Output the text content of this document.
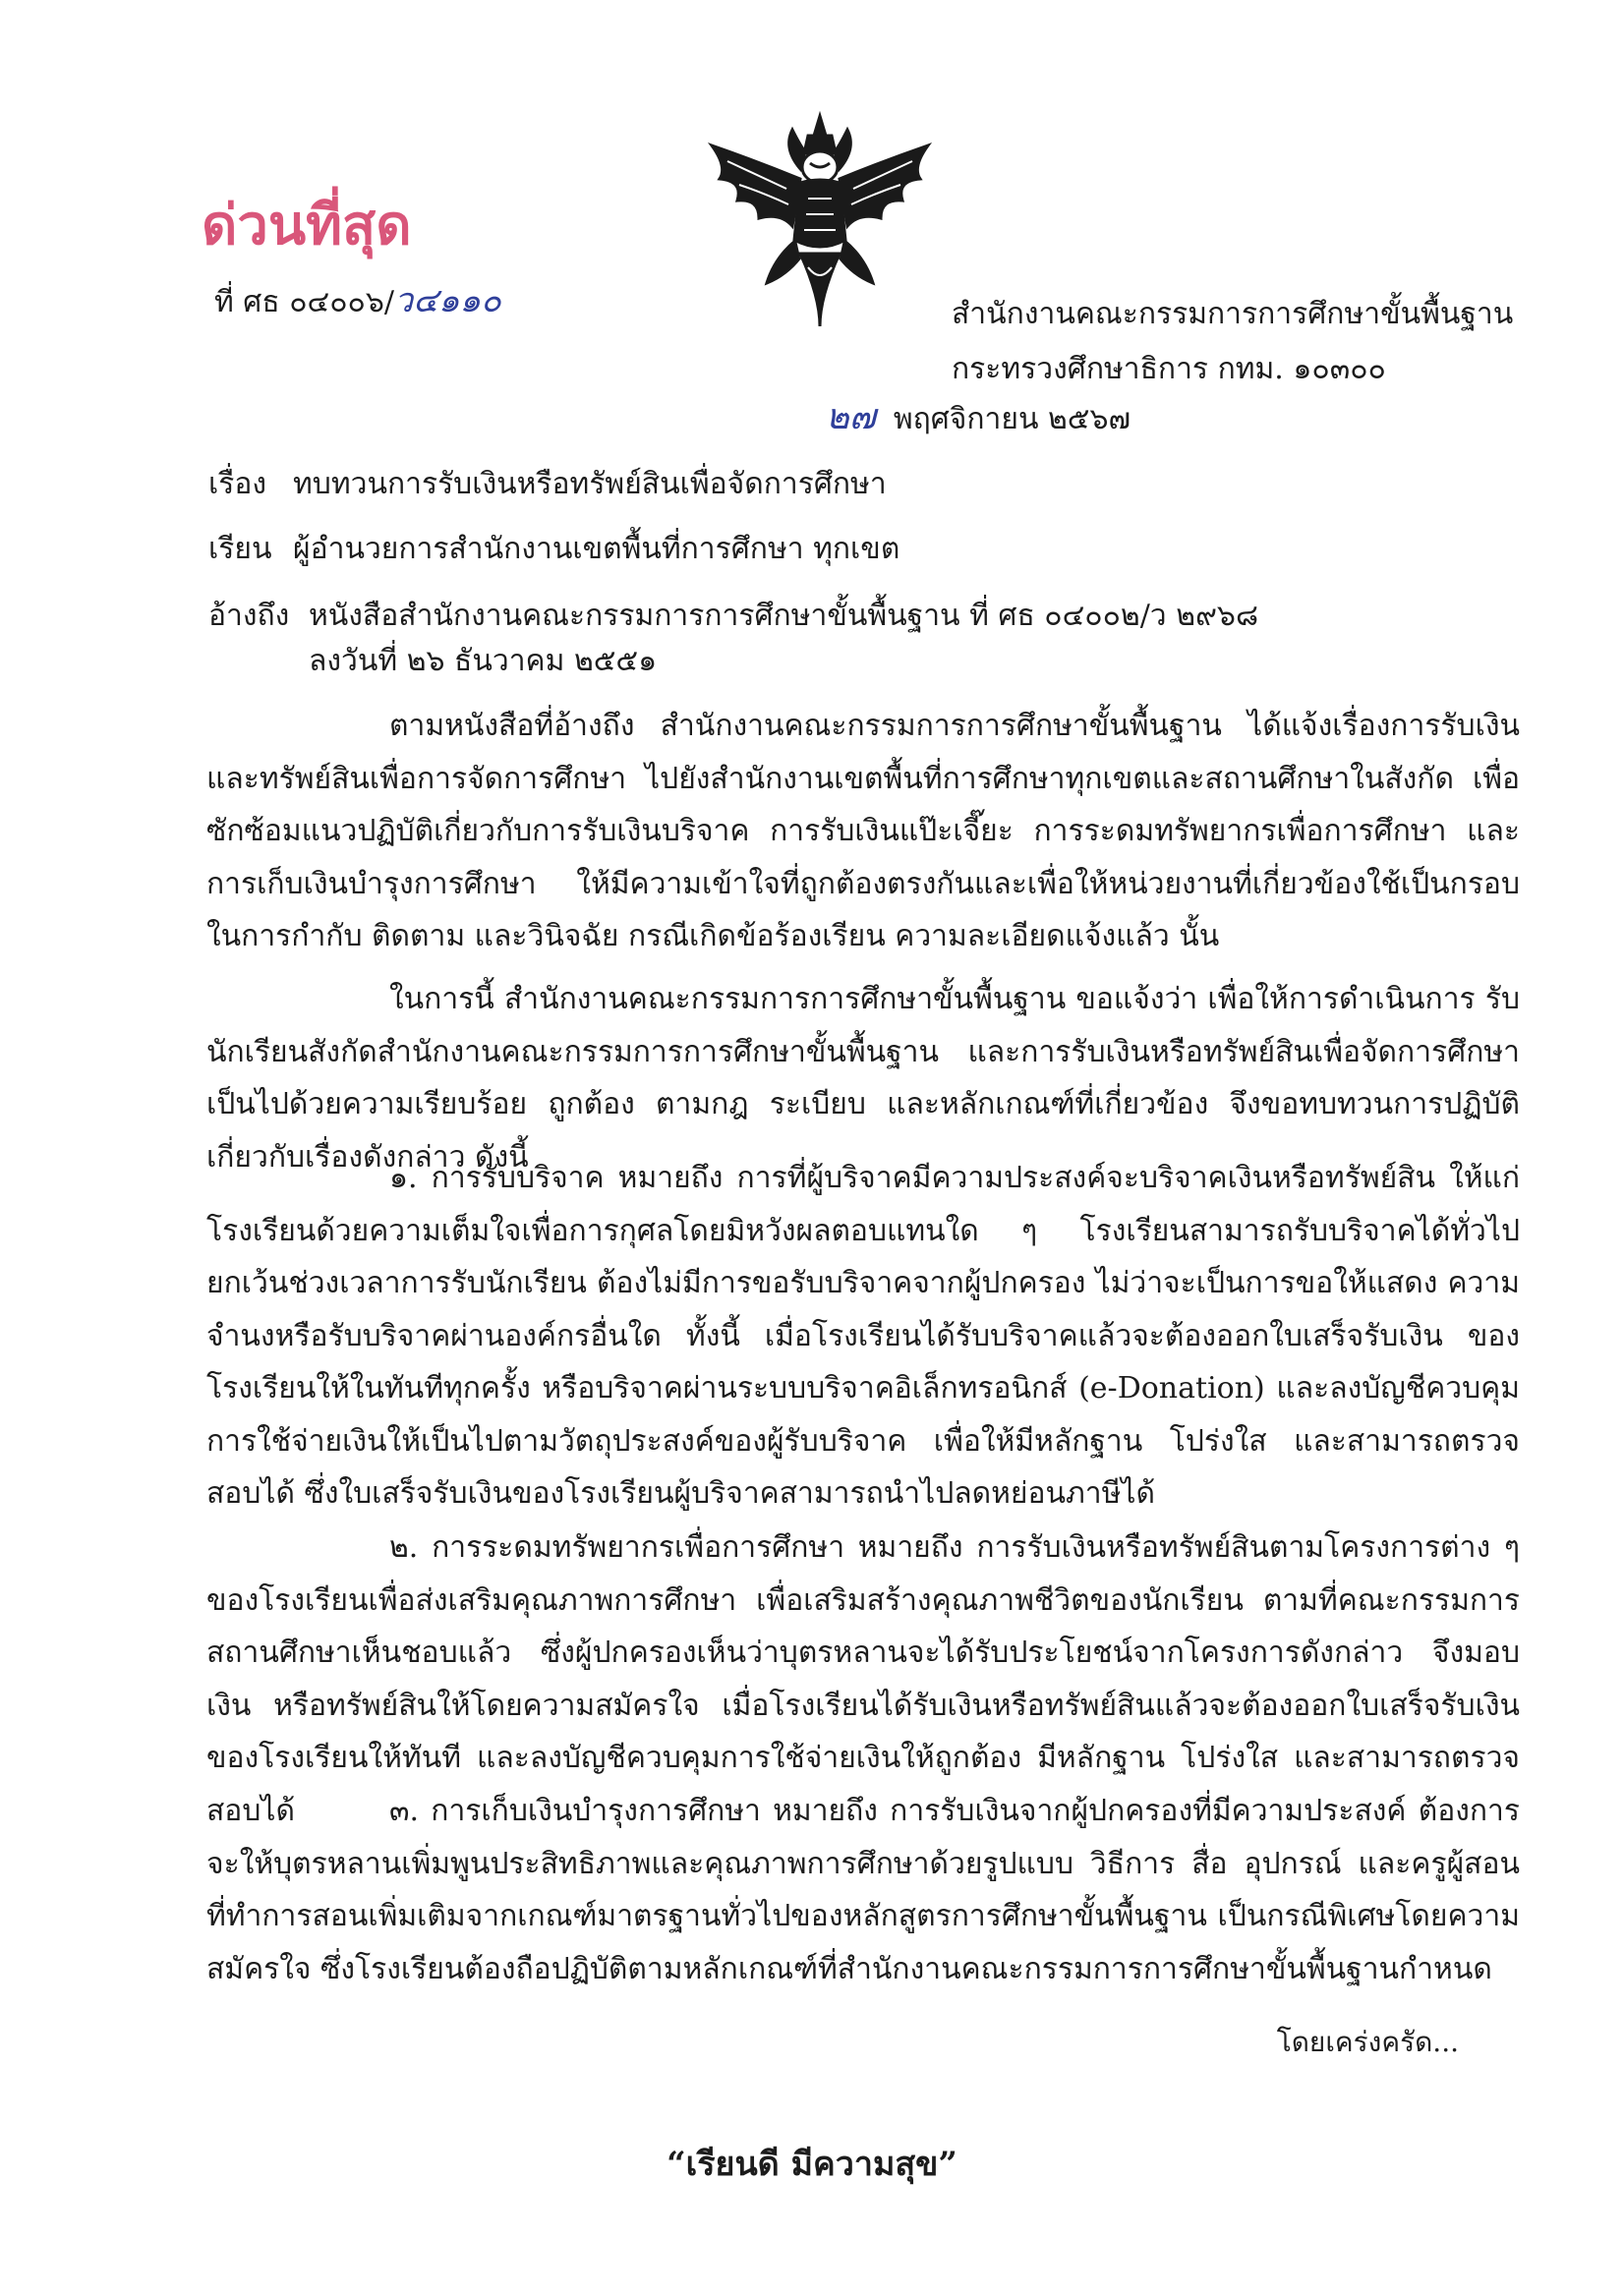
ด่วนที่สุด
ที่ ศธ ๐๔๐๐๖/ว๔๑๑๐	สำนักงานคณะกรรมการการศึกษาขั้นพื้นฐาน
กระทรวงศึกษาธิการ กทม. ๑๐๓๐๐
๒๗ พฤศจิกายน ๒๕๖๗
เรื่อง ทบทวนการรับเงินหรือทรัพย์สินเพื่อจัดการศึกษา
เรียน ผู้อำนวยการสำนักงานเขตพื้นที่การศึกษา ทุกเขต
อ้างถึง หนังสือสำนักงานคณะกรรมการการศึกษาขั้นพื้นฐาน ที่ ศธ ๐๔๐๐๒/ว ๒๙๖๘
ลงวันที่ ๒๖ ธันวาคม ๒๕๕๑

ตามหนังสือที่อ้างถึง สำนักงานคณะกรรมการการศึกษาขั้นพื้นฐาน ได้แจ้งเรื่องการรับเงิน และทรัพย์สินเพื่อการจัดการศึกษา ไปยังสำนักงานเขตพื้นที่การศึกษาทุกเขตและสถานศึกษาในสังกัด เพื่อซักซ้อมแนวปฏิบัติเกี่ยวกับการรับเงินบริจาค การรับเงินแป๊ะเจี๊ยะ การระดมทรัพยากรเพื่อการศึกษา และการเก็บเงินบำรุงการศึกษา ให้มีความเข้าใจที่ถูกต้องตรงกันและเพื่อให้หน่วยงานที่เกี่ยวข้องใช้เป็นกรอบ ในการกำกับ ติดตาม และวินิจฉัย กรณีเกิดข้อร้องเรียน ความละเอียดแจ้งแล้ว นั้น

ในการนี้ สำนักงานคณะกรรมการการศึกษาขั้นพื้นฐาน ขอแจ้งว่า เพื่อให้การดำเนินการ รับนักเรียนสังกัดสำนักงานคณะกรรมการการศึกษาขั้นพื้นฐาน และการรับเงินหรือทรัพย์สินเพื่อจัดการศึกษา เป็นไปด้วยความเรียบร้อย ถูกต้อง ตามกฎ ระเบียบ และหลักเกณฑ์ที่เกี่ยวข้อง จึงขอทบทวนการปฏิบัติ เกี่ยวกับเรื่องดังกล่าว ดังนี้

๑. การรับบริจาค หมายถึง การที่ผู้บริจาคมีความประสงค์จะบริจาคเงินหรือทรัพย์สิน ให้แก่โรงเรียนด้วยความเต็มใจเพื่อการกุศลโดยมิหวังผลตอบแทนใด ๆ โรงเรียนสามารถรับบริจาคได้ทั่วไป ยกเว้นช่วงเวลาการรับนักเรียน ต้องไม่มีการขอรับบริจาคจากผู้ปกครอง ไม่ว่าจะเป็นการขอให้แสดง ความจำนงหรือรับบริจาคผ่านองค์กรอื่นใด ทั้งนี้ เมื่อโรงเรียนได้รับบริจาคแล้วจะต้องออกใบเสร็จรับเงิน ของโรงเรียนให้ในทันทีทุกครั้ง หรือบริจาคผ่านระบบบริจาคอิเล็กทรอนิกส์ (e-Donation) และลงบัญชีควบคุม การใช้จ่ายเงินให้เป็นไปตามวัตถุประสงค์ของผู้รับบริจาค เพื่อให้มีหลักฐาน โปร่งใส และสามารถตรวจสอบได้ ซึ่งใบเสร็จรับเงินของโรงเรียนผู้บริจาคสามารถนำไปลดหย่อนภาษีได้

๒. การระดมทรัพยากรเพื่อการศึกษา หมายถึง การรับเงินหรือทรัพย์สินตามโครงการต่าง ๆ ของโรงเรียนเพื่อส่งเสริมคุณภาพการศึกษา เพื่อเสริมสร้างคุณภาพชีวิตของนักเรียน ตามที่คณะกรรมการ สถานศึกษาเห็นชอบแล้ว ซึ่งผู้ปกครองเห็นว่าบุตรหลานจะได้รับประโยชน์จากโครงการดังกล่าว จึงมอบเงิน หรือทรัพย์สินให้โดยความสมัครใจ เมื่อโรงเรียนได้รับเงินหรือทรัพย์สินแล้วจะต้องออกใบเสร็จรับเงิน ของโรงเรียนให้ทันที และลงบัญชีควบคุมการใช้จ่ายเงินให้ถูกต้อง มีหลักฐาน โปร่งใส และสามารถตรวจสอบได้	๓. การเก็บเงินบำรุงการศึกษา หมายถึง การรับเงินจากผู้ปกครองที่มีความประสงค์ ต้องการจะให้บุตรหลานเพิ่มพูนประสิทธิภาพและคุณภาพการศึกษาด้วยรูปแบบ วิธีการ สื่อ อุปกรณ์ และครูผู้สอน ที่ทำการสอนเพิ่มเติมจากเกณฑ์มาตรฐานทั่วไปของหลักสูตรการศึกษาขั้นพื้นฐาน เป็นกรณีพิเศษโดยความ สมัครใจ ซึ่งโรงเรียนต้องถือปฏิบัติตามหลักเกณฑ์ที่สำนักงานคณะกรรมการการศึกษาขั้นพื้นฐานกำหนด

โดยเคร่งครัด...
“เรียนดี มีความสุข”
